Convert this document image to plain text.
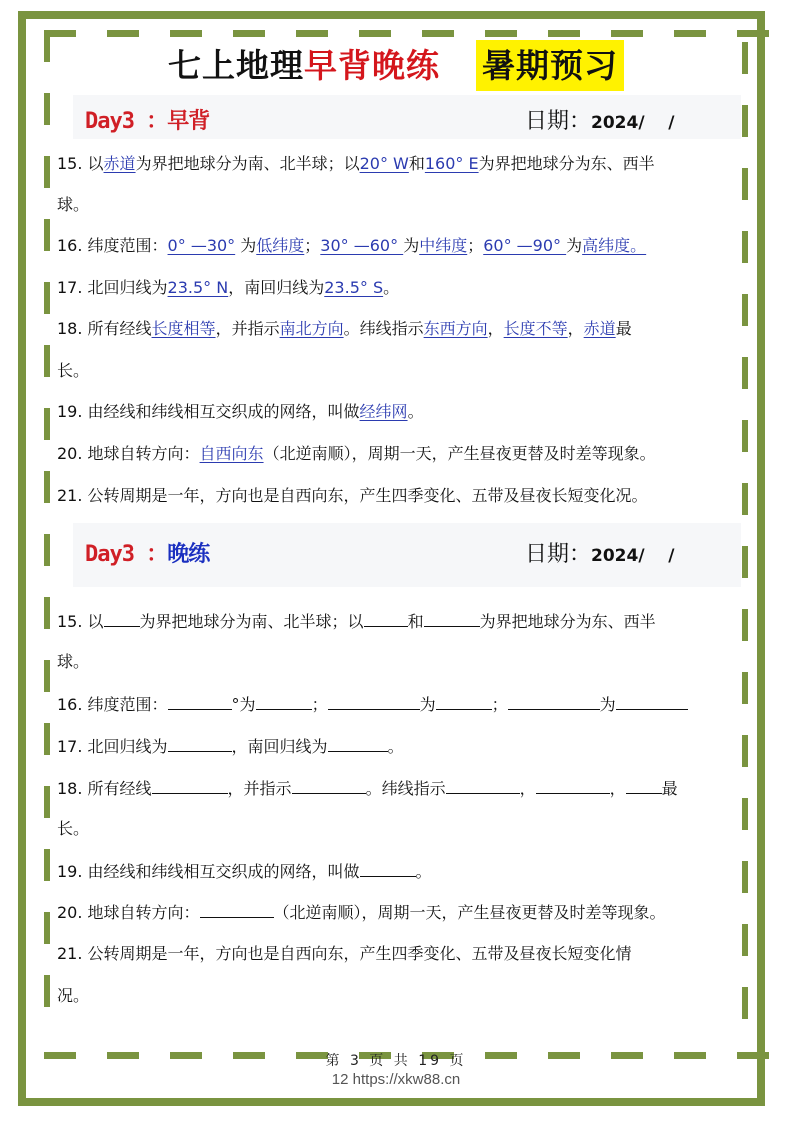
七上地理早背晚练 暑期预习
Day3 ：早背	日期：2024/    /
15. 以赤道为界把地球分为南、北半球；以20° W和160° E为界把地球分为东、西半
球。
16. 纬度范围：0° —30° 为低纬度；30° —60° 为中纬度；60° —90° 为高纬度。
17. 北回归线为23.5° N，南回归线为23.5° S。
18. 所有经线长度相等，并指示南北方向。纬线指示东西方向，长度不等，赤道最
长。
19. 由经线和纬线相互交织成的网络，叫做经纬网。
20. 地球自转方向：自西向东（北逆南顺），周期一天，产生昼夜更替及时差等现象。
21. 公转周期是一年，方向也是自西向东，产生四季变化、五带及昼夜长短变化况。
Day3 ：晚练	日期：2024/    /
15. 以 为界把地球分为南、北半球；以	和	为界把地球分为东、西半
球。
16. 纬度范围：	°为	；	为	；	为
17. 北回归线为	，南回归线为	。
18. 所有经线	，并指示	。纬线指示	，	， 最
长。
19. 由经线和纬线相互交织成的网络，叫做	。
20. 地球自转方向：	（北逆南顺），周期一天，产生昼夜更替及时差等现象。
21. 公转周期是一年，方向也是自西向东，产生四季变化、五带及昼夜长短变化情
况。
第 3 页 共 19 页
12 https://xkw88.cn
